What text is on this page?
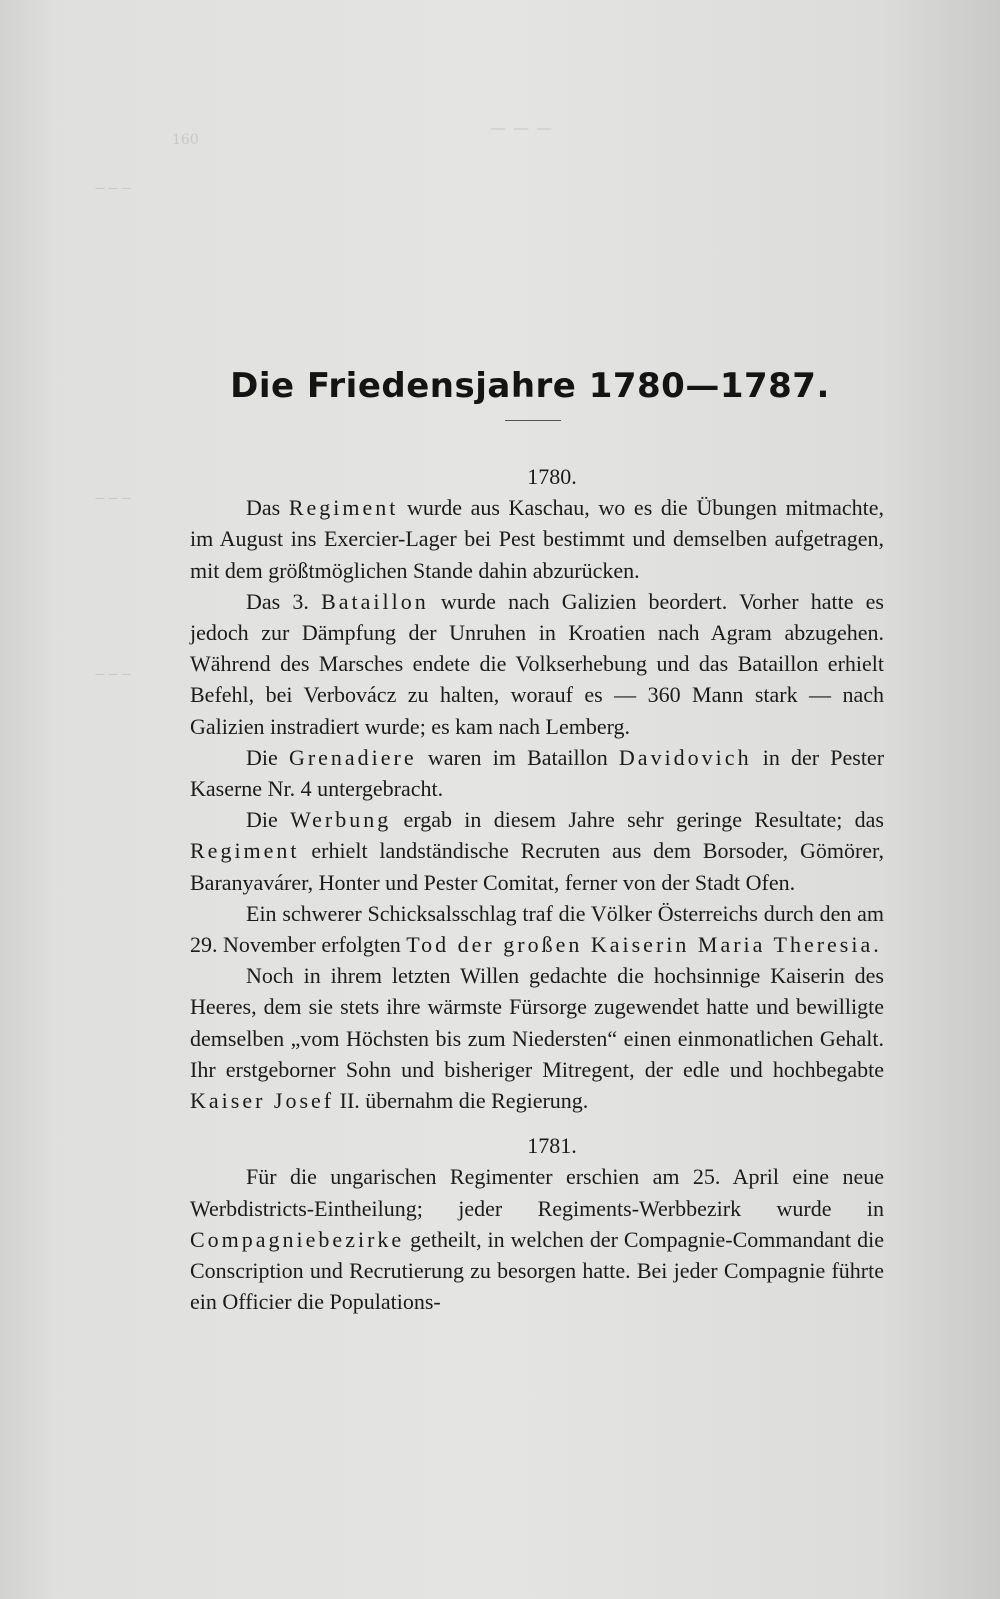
160
— — —
— — —
— — —
— — —
Die Friedensjahre 1780—1787.

1780.

Das Regiment wurde aus Kaschau, wo es die Übungen mitmachte, im August ins Exercier-Lager bei Pest bestimmt und demselben aufgetragen, mit dem größtmöglichen Stande dahin abzurücken.

Das 3. Bataillon wurde nach Galizien beordert. Vorher hatte es jedoch zur Dämpfung der Unruhen in Kroatien nach Agram abzugehen. Während des Marsches endete die Volkserhebung und das Bataillon erhielt Befehl, bei Verbovácz zu halten, worauf es — 360 Mann stark — nach Galizien instradiert wurde; es kam nach Lemberg.

Die Grenadiere waren im Bataillon Davidovich in der Pester Kaserne Nr. 4 untergebracht.

Die Werbung ergab in diesem Jahre sehr geringe Resultate; das Regiment erhielt landständische Recruten aus dem Borsoder, Gömörer, Baranyavárer, Honter und Pester Comitat, ferner von der Stadt Ofen.

Ein schwerer Schicksalsschlag traf die Völker Österreichs durch den am 29. November erfolgten Tod der großen Kaiserin Maria Theresia.

Noch in ihrem letzten Willen gedachte die hochsinnige Kaiserin des Heeres, dem sie stets ihre wärmste Fürsorge zugewendet hatte und bewilligte demselben „vom Höchsten bis zum Niedersten“ einen einmonatlichen Gehalt. Ihr erstgeborner Sohn und bisheriger Mitregent, der edle und hochbegabte Kaiser Josef II. übernahm die Regierung.

1781.

Für die ungarischen Regimenter erschien am 25. April eine neue Werbdistricts-Eintheilung; jeder Regiments-Werbbezirk wurde in Compagniebezirke getheilt, in welchen der Compagnie-Commandant die Conscription und Recrutierung zu besorgen hatte. Bei jeder Compagnie führte ein Officier die Populations-
